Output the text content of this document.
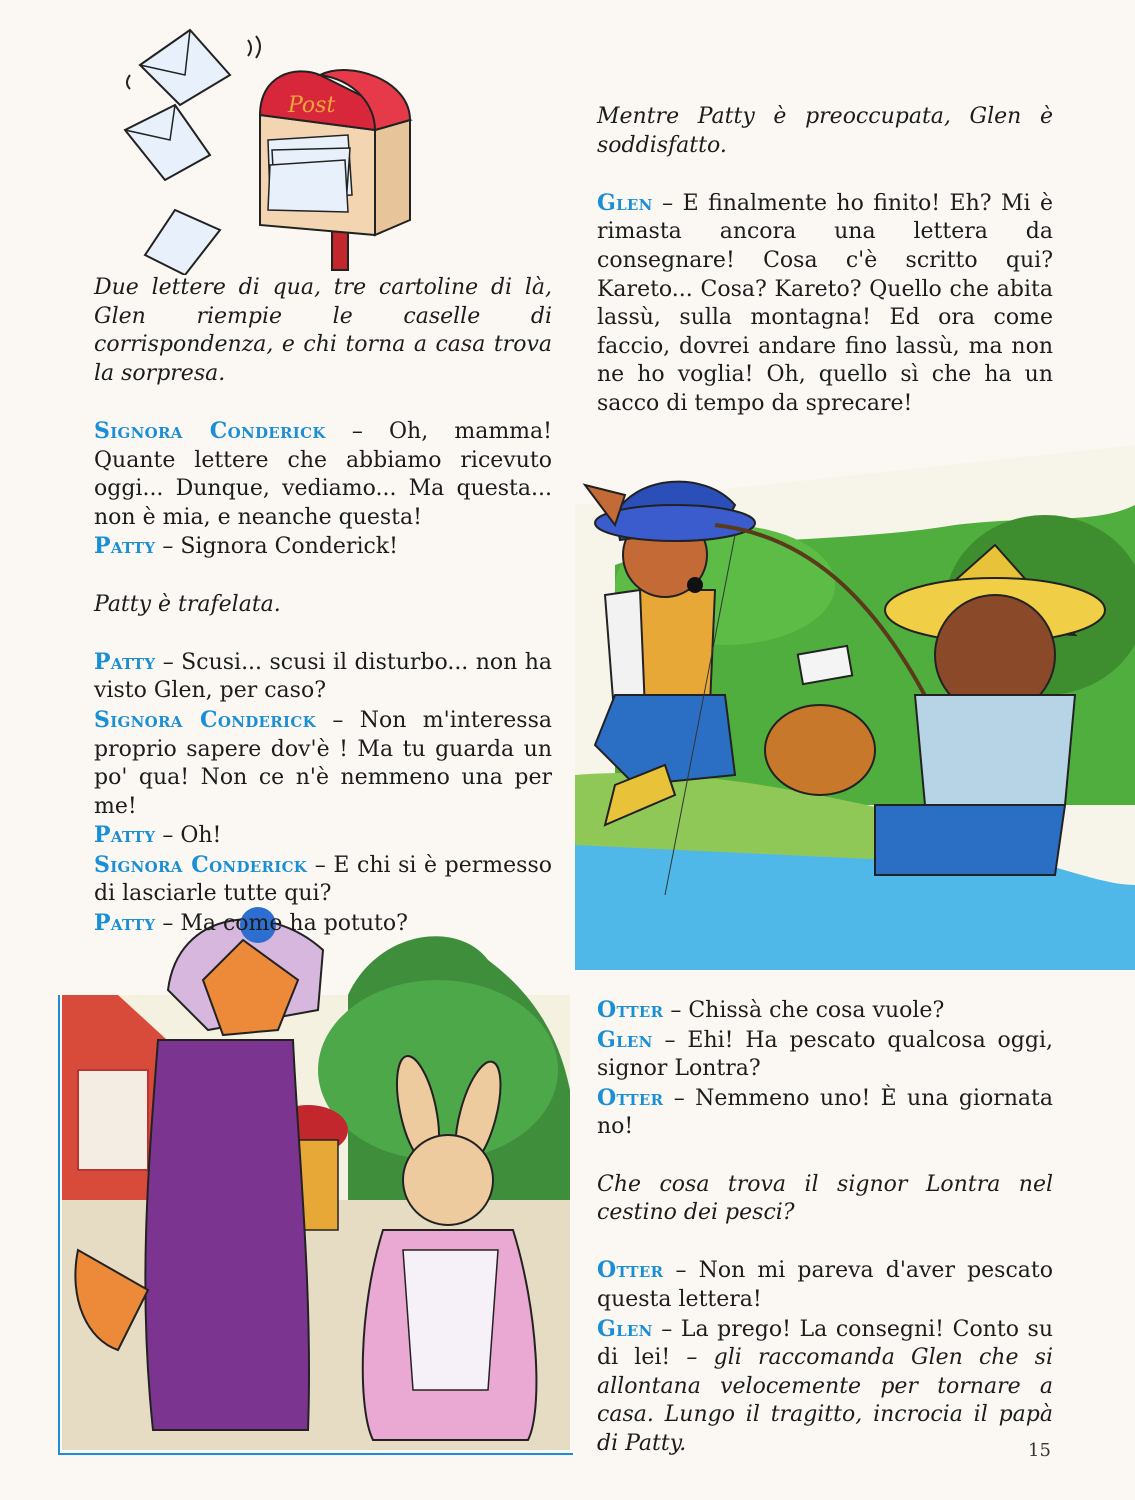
Post

Due lettere di qua, tre cartoline di là, Glen riempie le caselle di corrispondenza, e chi torna a casa trova la sorpresa.

Signora Conderick – Oh, mamma! Quante lettere che abbiamo ricevuto oggi... Dunque, vediamo... Ma questa... non è mia, e neanche questa!

Patty – Signora Conderick!

Patty è trafelata.

Patty – Scusi... scusi il disturbo... non ha visto Glen, per caso?

Signora Conderick – Non m'interessa proprio sapere dov'è ! Ma tu guarda un po' qua! Non ce n'è nemmeno una per me!

Patty – Oh!

Signora Conderick – E chi si è permesso di lasciarle tutte qui?

Patty – Ma come ha potuto?

Mentre Patty è preoccupata, Glen è soddisfatto.

Glen – E finalmente ho finito! Eh? Mi è rimasta ancora una lettera da consegnare! Cosa c'è scritto qui? Kareto... Cosa? Kareto? Quello che abita lassù, sulla montagna! Ed ora come faccio, dovrei andare fino lassù, ma non ne ho voglia! Oh, quello sì che ha un sacco di tempo da sprecare!

Otter – Chissà che cosa vuole?

Glen – Ehi! Ha pescato qualcosa oggi, signor Lontra?

Otter – Nemmeno uno! È una giornata no!

Che cosa trova il signor Lontra nel cestino dei pesci?

Otter – Non mi pareva d'aver pescato questa lettera!

Glen – La prego! La consegni! Conto su di lei! – gli raccomanda Glen che si allontana velocemente per tornare a casa. Lungo il tragitto, incrocia il papà di Patty.	15
